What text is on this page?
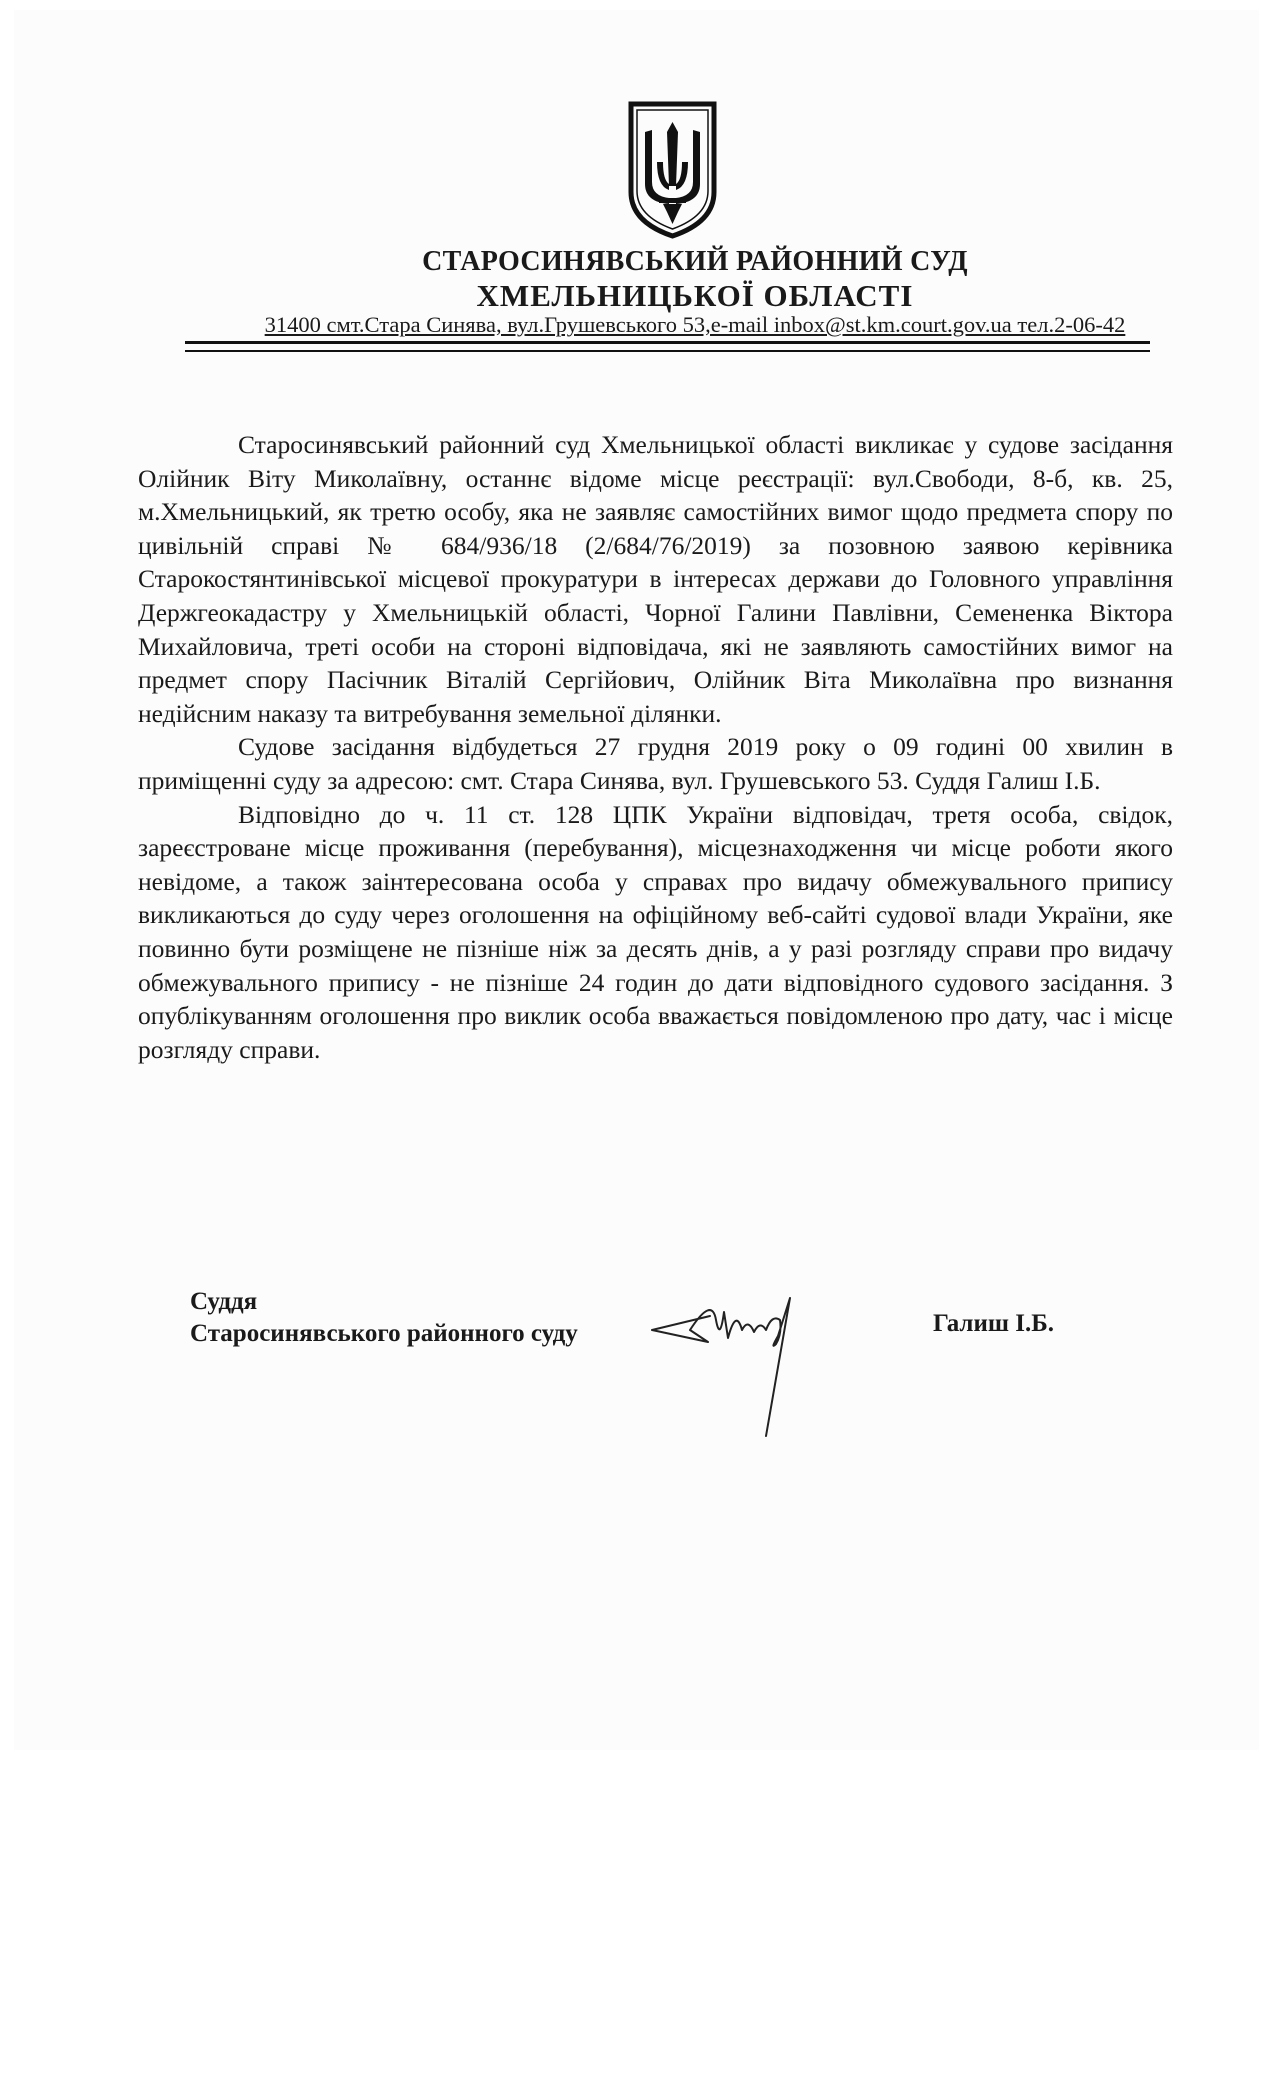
СТАРОСИНЯВСЬКИЙ РАЙОННИЙ СУД

ХМЕЛЬНИЦЬКОЇ ОБЛАСТІ

31400 смт.Стара Синява, вул.Грушевського 53,e-mail inbox@st.km.court.gov.ua тел.2-06-42

Старосинявський районний суд Хмельницької області викликає у судове засідання Олійник Віту Миколаївну, останнє відоме місце реєстрації: вул.Свободи, 8-б, кв. 25, м.Хмельницький, як третю особу, яка не заявляє самостійних вимог щодо предмета спору по цивільній справі № 684/936/18 (2/684/76/2019) за позовною заявою керівника Старокостянтинівської місцевої прокуратури в інтересах держави до Головного управління Держгеокадастру у Хмельницькій області, Чорної Галини Павлівни, Семененка Віктора Михайловича, треті особи на стороні відповідача, які не заявляють самостійних вимог на предмет спору Пасічник Віталій Сергійович, Олійник Віта Миколаївна про визнання недійсним наказу та витребування земельної ділянки.

Судове засідання відбудеться 27 грудня 2019 року о 09 годині 00 хвилин в приміщенні суду за адресою: смт. Стара Синява, вул. Грушевського 53. Суддя Галиш І.Б.

Відповідно до ч. 11 ст. 128 ЦПК України відповідач, третя особа, свідок, зареєстроване місце проживання (перебування), місцезнаходження чи місце роботи якого невідоме, а також заінтересована особа у справах про видачу обмежувального припису викликаються до суду через оголошення на офіційному веб-сайті судової влади України, яке повинно бути розміщене не пізніше ніж за десять днів, а у разі розгляду справи про видачу обмежувального припису - не пізніше 24 годин до дати відповідного судового засідання. З опублікуванням оголошення про виклик особа вважається повідомленою про дату, час і місце розгляду справи.

Суддя
Старосинявського районного суду	Галиш І.Б.
